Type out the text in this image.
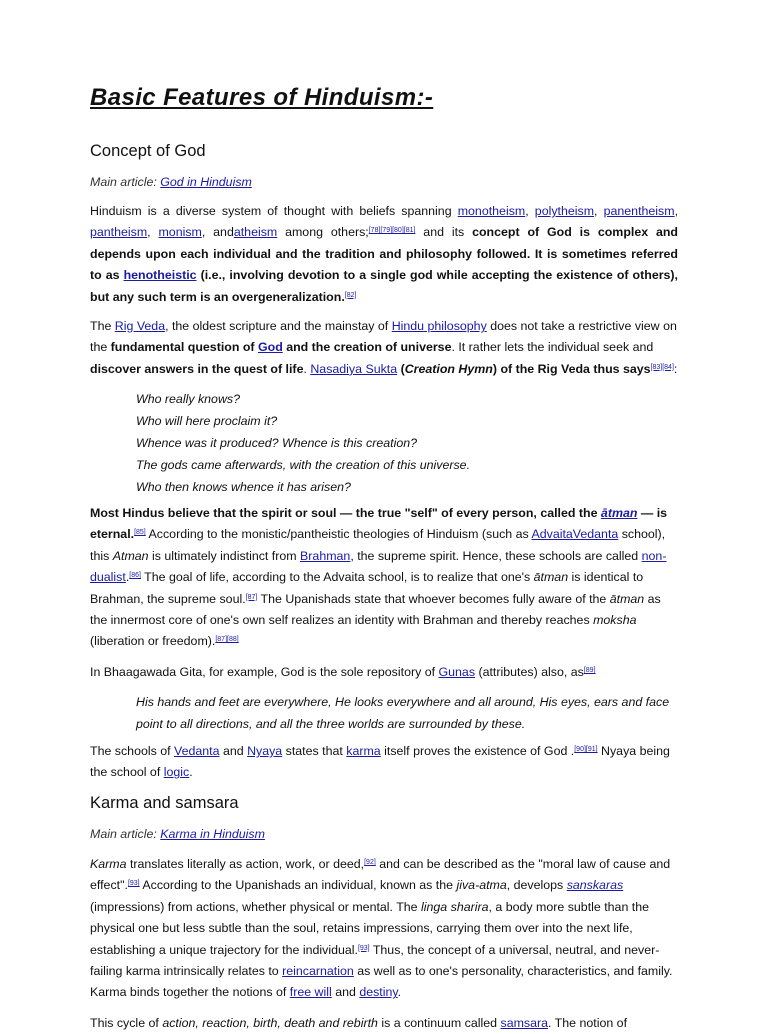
Basic Features of Hinduism:-
Concept of God
Main article: God in Hinduism
Hinduism is a diverse system of thought with beliefs spanning monotheism, polytheism, panentheism, pantheism, monism, andatheism among others;[78][79][80][81] and its concept of God is complex and depends upon each individual and the tradition and philosophy followed. It is sometimes referred to as henotheistic (i.e., involving devotion to a single god while accepting the existence of others), but any such term is an overgeneralization.[82]
The Rig Veda, the oldest scripture and the mainstay of Hindu philosophy does not take a restrictive view on the fundamental question of God and the creation of universe. It rather lets the individual seek and discover answers in the quest of life. Nasadiya Sukta (Creation Hymn) of the Rig Veda thus says[83][84]:
Who really knows?
Who will here proclaim it?
Whence was it produced? Whence is this creation?
The gods came afterwards, with the creation of this universe.
Who then knows whence it has arisen?
Most Hindus believe that the spirit or soul — the true "self" of every person, called the ātman — is eternal.[85] According to the monistic/pantheistic theologies of Hinduism (such as AdvaitaVedanta school), this Atman is ultimately indistinct from Brahman, the supreme spirit. Hence, these schools are called non-dualist.[86] The goal of life, according to the Advaita school, is to realize that one's ātman is identical to Brahman, the supreme soul.[87] The Upanishads state that whoever becomes fully aware of the ātman as the innermost core of one's own self realizes an identity with Brahman and thereby reaches moksha (liberation or freedom).[87][88]
In Bhaagawada Gita, for example, God is the sole repository of Gunas (attributes) also, as[89]
His hands and feet are everywhere, He looks everywhere and all around, His eyes, ears and face point to all directions, and all the three worlds are surrounded by these.
The schools of Vedanta and Nyaya states that karma itself proves the existence of God .[90][91] Nyaya being the school of logic.
Karma and samsara
Main article: Karma in Hinduism
Karma translates literally as action, work, or deed,[92] and can be described as the "moral law of cause and effect".[93] According to the Upanishads an individual, known as the jiva-atma, develops sanskaras (impressions) from actions, whether physical or mental. The linga sharira, a body more subtle than the physical one but less subtle than the soul, retains impressions, carrying them over into the next life, establishing a unique trajectory for the individual.[93] Thus, the concept of a universal, neutral, and never-failing karma intrinsically relates to reincarnation as well as to one's personality, characteristics, and family. Karma binds together the notions of free will and destiny.
This cycle of action, reaction, birth, death and rebirth is a continuum called samsara. The notion of
